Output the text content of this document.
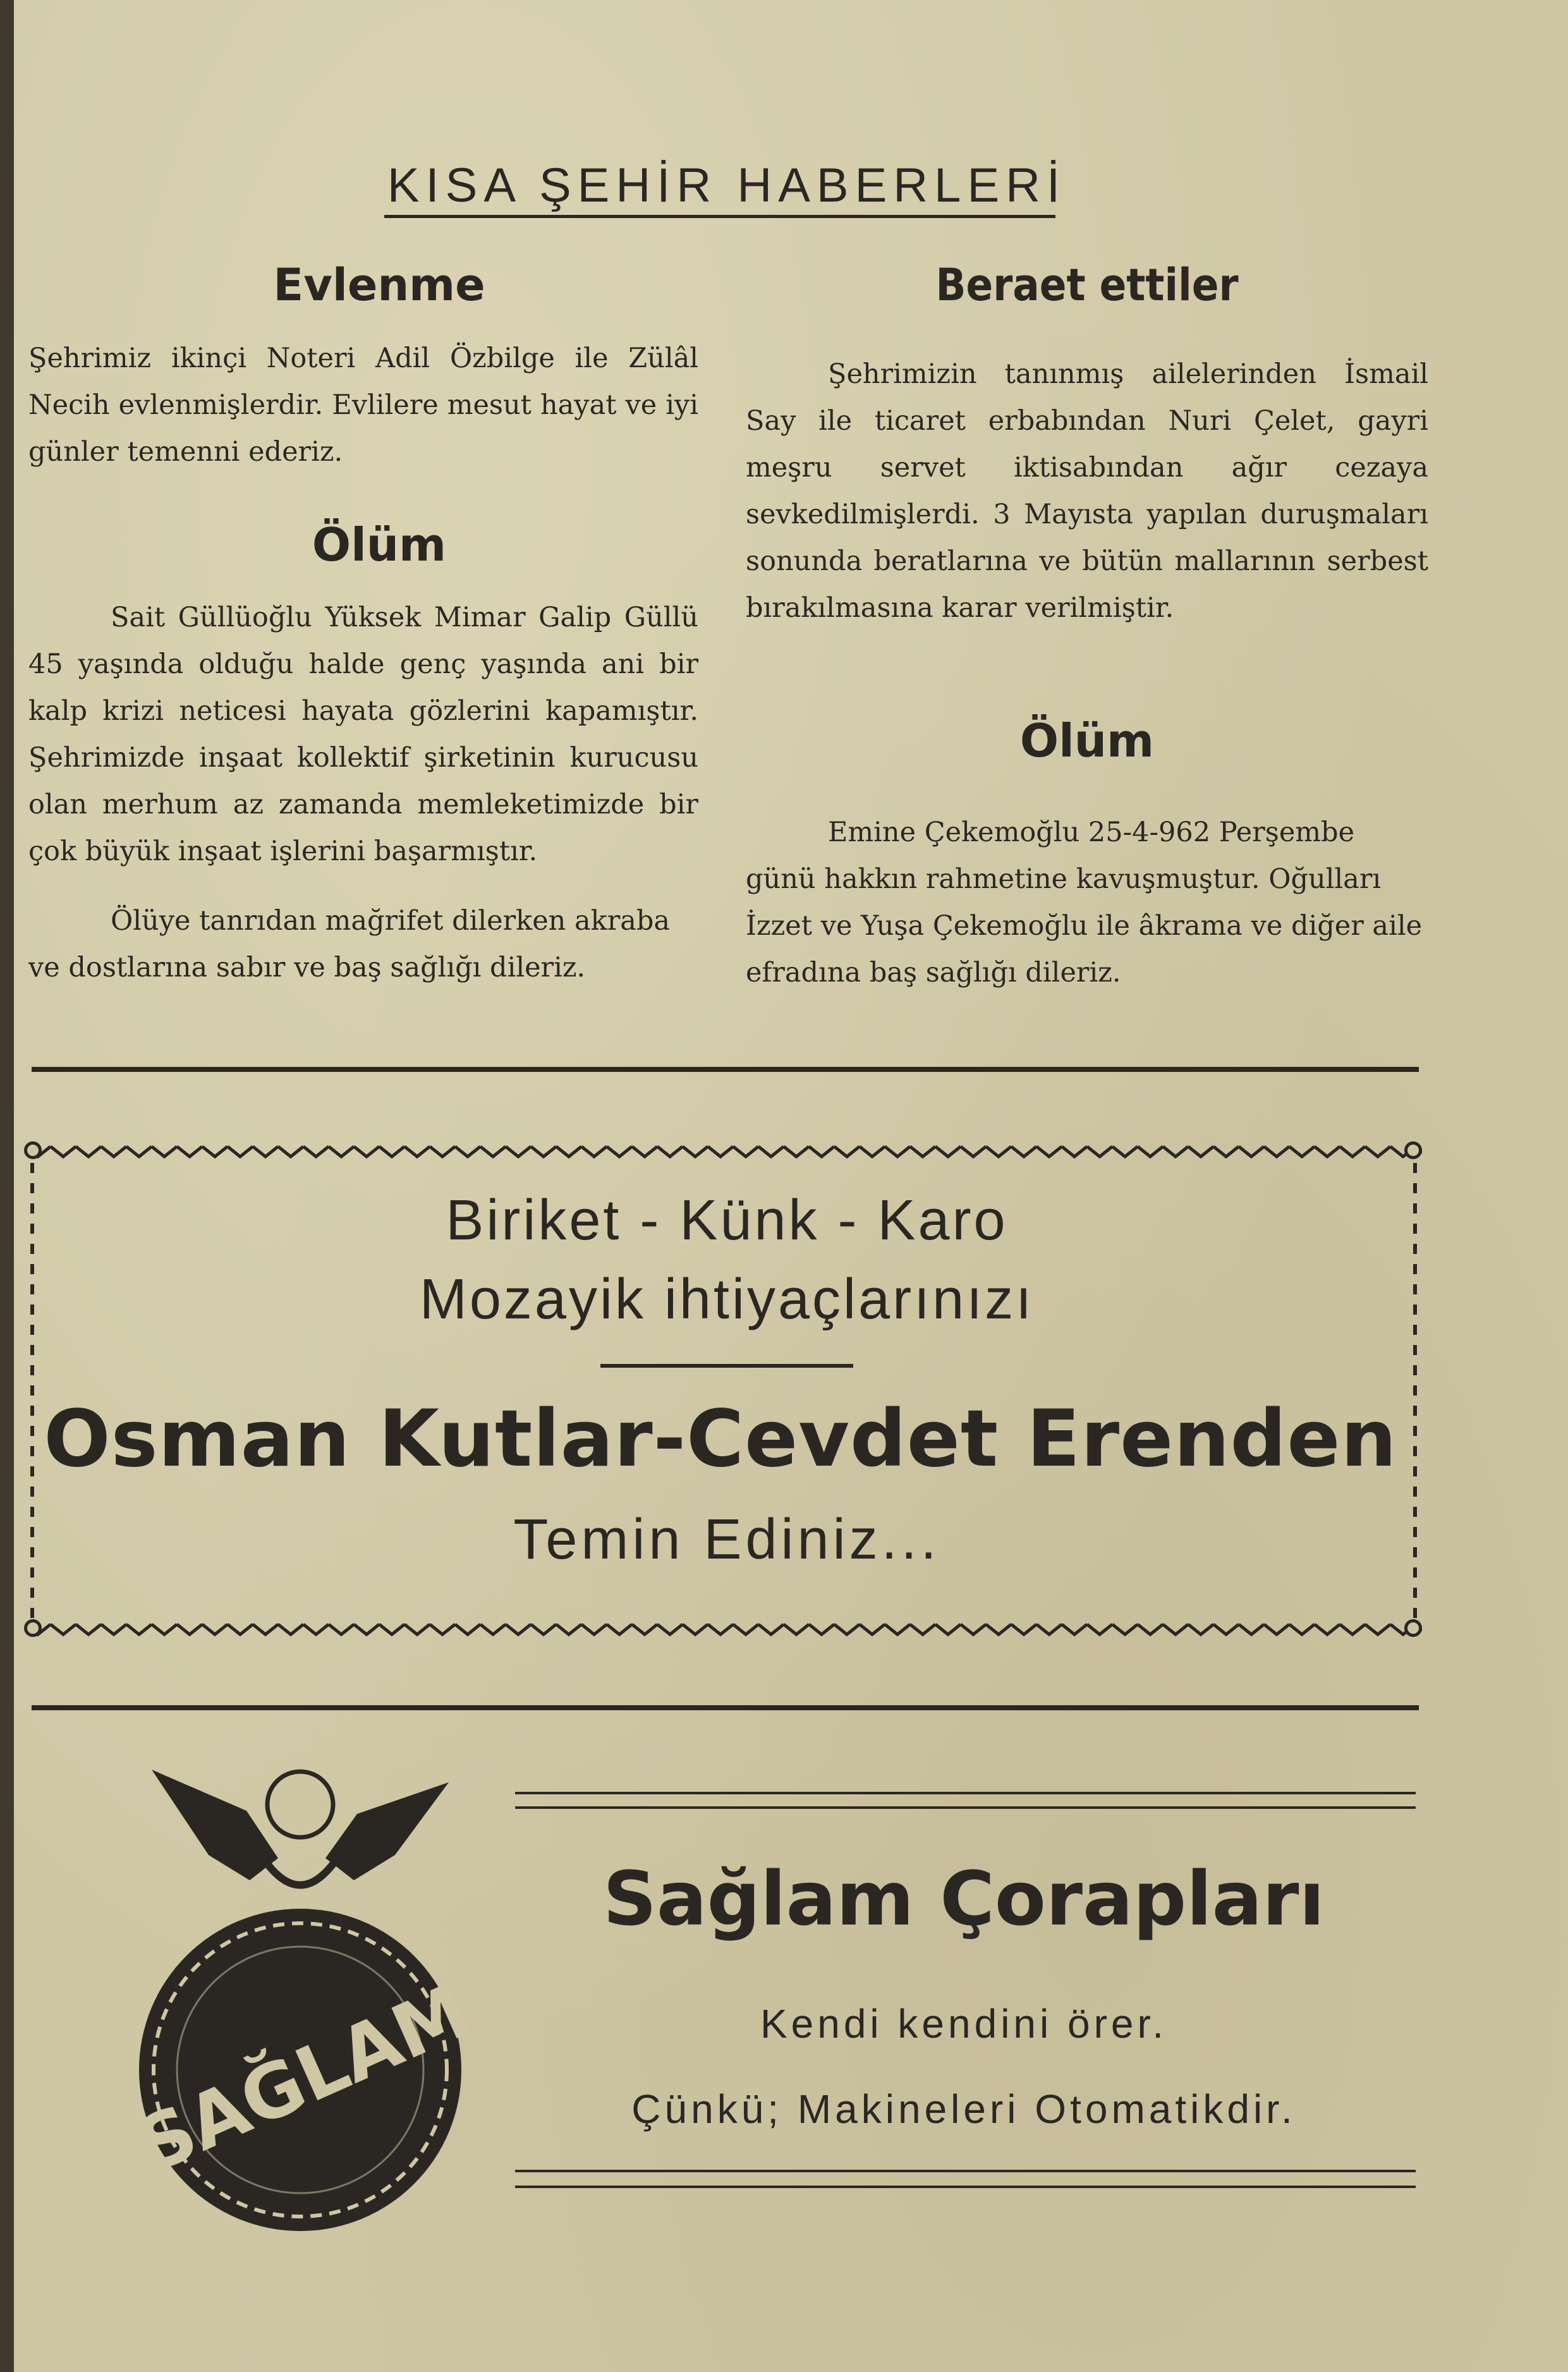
KISA ŞEHİR HABERLERİ
Evlenme
Şehrimiz ikinçi Noteri Adil Özbilge ile Zülâl Necih evlenmişlerdir. Evlilere mesut hayat ve iyi günler temenni ederiz.
Ölüm
Sait Güllüoğlu Yüksek Mimar Galip Güllü 45 yaşında olduğu halde genç yaşında ani bir kalp krizi neticesi hayata gözlerini kapamıştır. Şehrimizde inşaat kollektif şirketinin kurucusu olan merhum az zamanda memleketimizde bir çok büyük inşaat işlerini başarmıştır.
Ölüye tanrıdan mağrifet dilerken akraba ve dostlarına sabır ve baş sağlığı dileriz.
Beraet ettiler
Şehrimizin tanınmış ailelerinden İsmail Say ile ticaret erbabından Nuri Çelet, gayri meşru servet iktisabından ağır cezaya sevkedilmişlerdi. 3 Mayısta yapılan duruşmaları sonunda beratlarına ve bütün mallarının serbest bırakılmasına karar verilmiştir.
Ölüm
Emine Çekemoğlu 25-4-962 Perşembe günü hakkın rahmetine kavuşmuştur. Oğulları İzzet ve Yuşa Çekemoğlu ile âkrama ve diğer aile efradına baş sağlığı dileriz.
Biriket - Künk - Karo
Mozayik ihtiyaçlarınızı
Osman Kutlar-Cevdet Erenden
Temin Ediniz...
SAĞLAM
Sağlam Çorapları
Kendi kendini örer.
Çünkü; Makineleri Otomatikdir.
